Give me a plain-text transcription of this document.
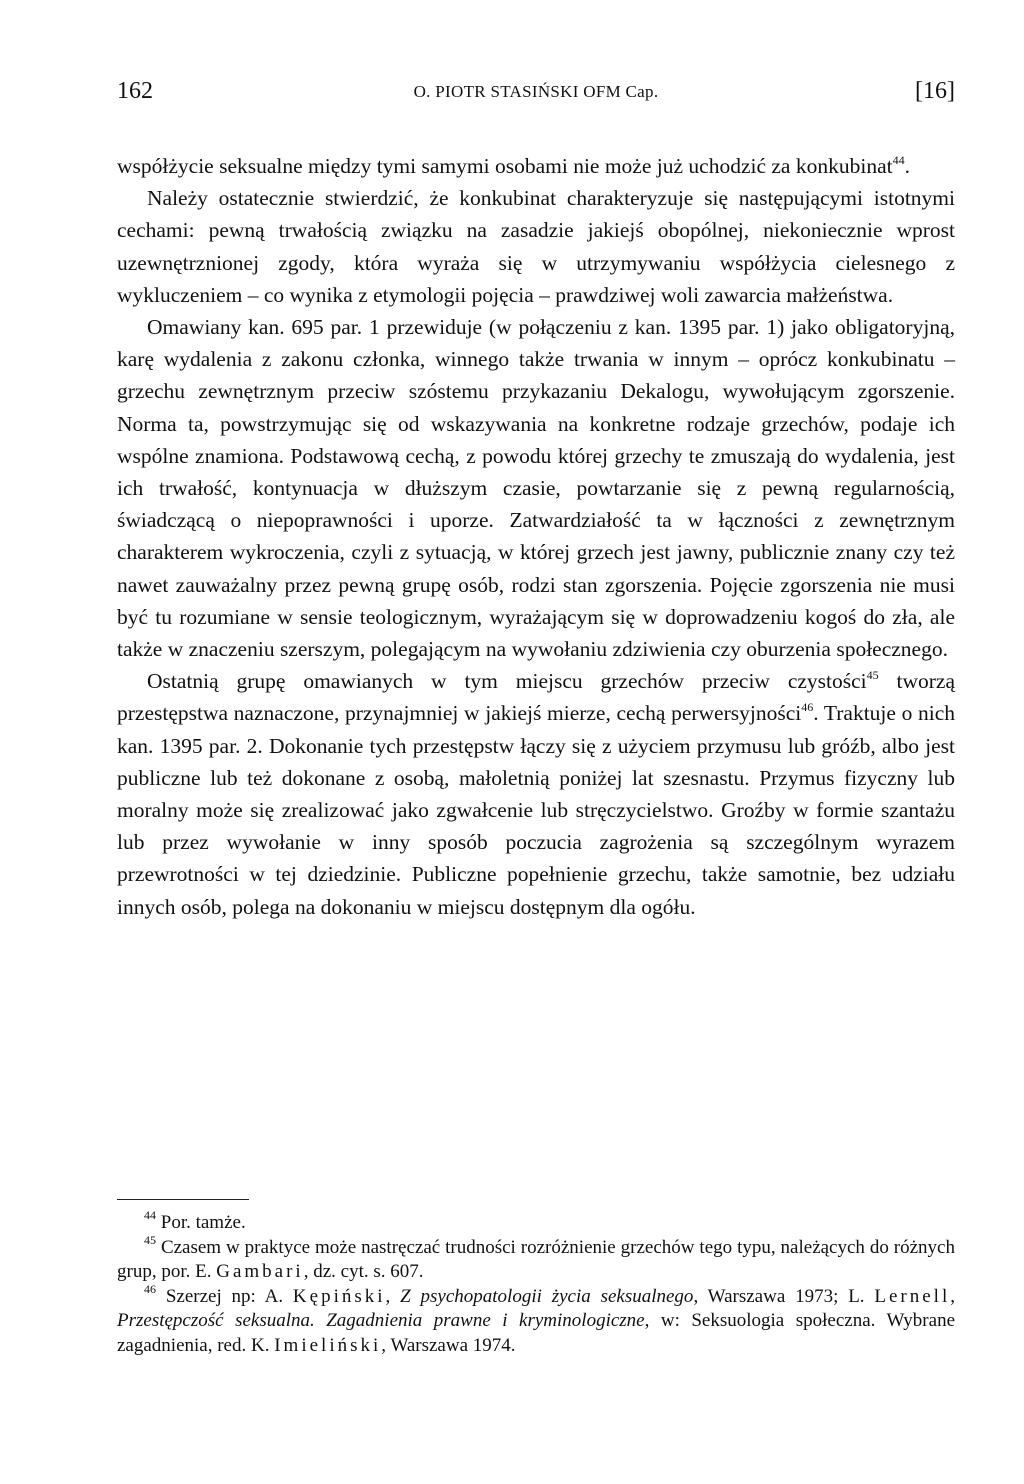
162	O. PIOTR STASIŃSKI OFM Cap.	[16]

współżycie seksualne między tymi samymi osobami nie może już uchodzić za konkubinat$^{44}$.

Należy ostatecznie stwierdzić, że konkubinat charakteryzuje się następującymi istotnymi cechami: pewną trwałością związku na zasadzie jakiejś obopólnej, niekoniecznie wprost uzewnętrznionej zgody, która wyraża się w utrzymywaniu współżycia cielesnego z wykluczeniem – co wynika z etymologii pojęcia – prawdziwej woli zawarcia małżeństwa.

Omawiany kan. 695 par. 1 przewiduje (w połączeniu z kan. 1395 par. 1) jako obligatoryjną, karę wydalenia z zakonu członka, winnego także trwania w innym – oprócz konkubinatu – grzechu zewnętrznym przeciw szóstemu przykazaniu Dekalogu, wywołującym zgorszenie. Norma ta, powstrzymując się od wskazywania na konkretne rodzaje grzechów, podaje ich wspólne znamiona. Podstawową cechą, z powodu której grzechy te zmuszają do wydalenia, jest ich trwałość, kontynuacja w dłuższym czasie, powtarzanie się z pewną regularnością, świadczącą o niepoprawności i uporze. Zatwardziałość ta w łączności z zewnętrznym charakterem wykroczenia, czyli z sytuacją, w której grzech jest jawny, publicznie znany czy też nawet zauważalny przez pewną grupę osób, rodzi stan zgorszenia. Pojęcie zgorszenia nie musi być tu rozumiane w sensie teologicznym, wyrażającym się w doprowadzeniu kogoś do zła, ale także w znaczeniu szerszym, polegającym na wywołaniu zdziwienia czy oburzenia społecznego.

Ostatnią grupę omawianych w tym miejscu grzechów przeciw czystości$^{45}$ tworzą przestępstwa naznaczone, przynajmniej w jakiejś mierze, cechą perwersyjności$^{46}$. Traktuje o nich kan. 1395 par. 2. Dokonanie tych przestępstw łączy się z użyciem przymusu lub gróźb, albo jest publiczne lub też dokonane z osobą, małoletnią poniżej lat szesnastu. Przymus fizyczny lub moralny może się zrealizować jako zgwałcenie lub stręczycielstwo. Groźby w formie szantażu lub przez wywołanie w inny sposób poczucia zagrożenia są szczególnym wyrazem przewrotności w tej dziedzinie. Publiczne popełnienie grzechu, także samotnie, bez udziału innych osób, polega na dokonaniu w miejscu dostępnym dla ogółu.

$^{44}$ Por. tamże.

$^{45}$ Czasem w praktyce może nastręczać trudności rozróżnienie grzechów tego typu, należących do różnych grup, por. E. Gambari, dz. cyt. s. 607.

$^{46}$ Szerzej np: A. Kępiński, Z psychopatologii życia seksualnego, Warszawa 1973; L. Lernell, Przestępczość seksualna. Zagadnienia prawne i kryminologiczne, w: Seksuologia społeczna. Wybrane zagadnienia, red. K. Imieliński, Warszawa 1974.
